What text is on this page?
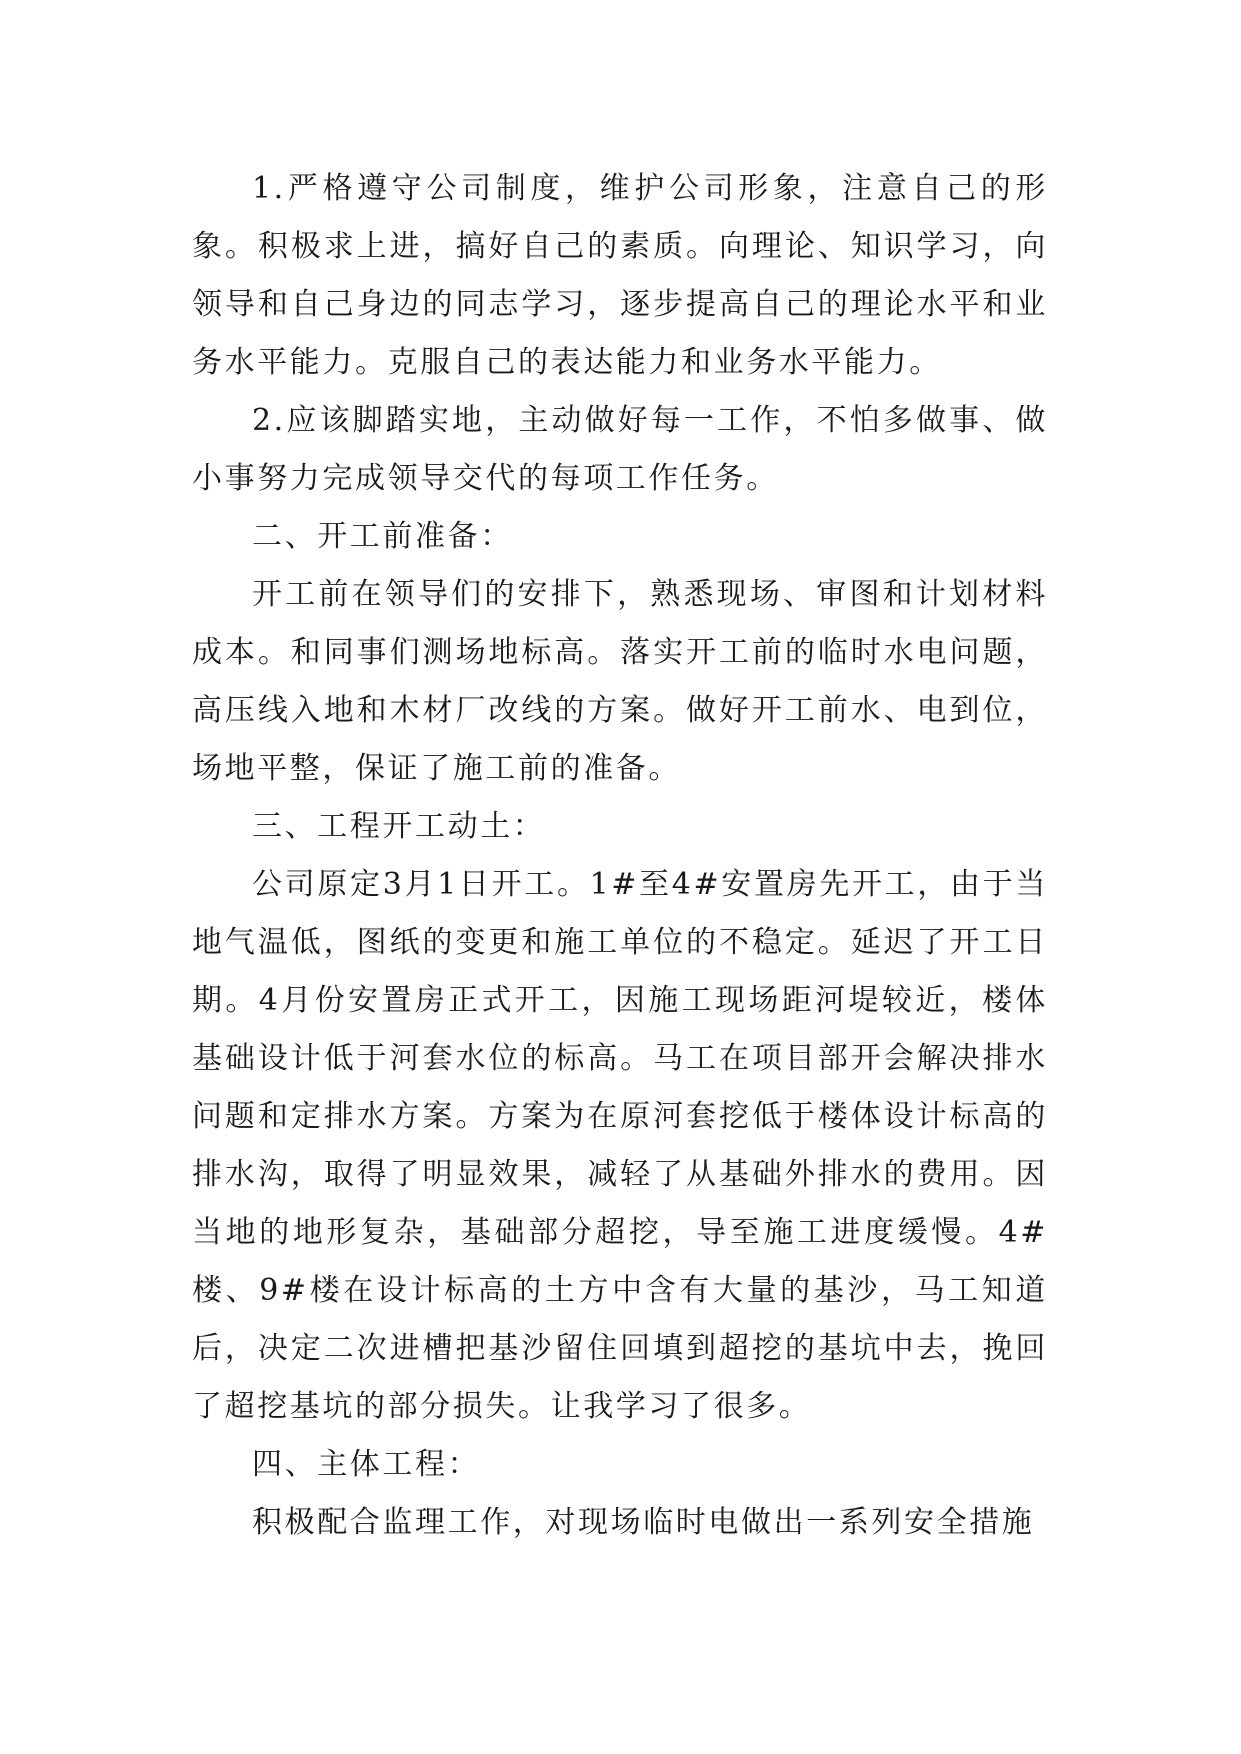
1.严格遵守公司制度，维护公司形象，注意自己的形象。积极求上进，搞好自己的素质。向理论、知识学习，向领导和自己身边的同志学习，逐步提高自己的理论水平和业务水平能力。克服自己的表达能力和业务水平能力。

2.应该脚踏实地，主动做好每一工作，不怕多做事、做小事努力完成领导交代的每项工作任务。

二、开工前准备：

开工前在领导们的安排下，熟悉现场、审图和计划材料成本。和同事们测场地标高。落实开工前的临时水电问题，高压线入地和木材厂改线的方案。做好开工前水、电到位，场地平整，保证了施工前的准备。

三、工程开工动土：

公司原定3月1日开工。1#至4#安置房先开工，由于当地气温低，图纸的变更和施工单位的不稳定。延迟了开工日期。4月份安置房正式开工，因施工现场距河堤较近，楼体基础设计低于河套水位的标高。马工在项目部开会解决排水问题和定排水方案。方案为在原河套挖低于楼体设计标高的排水沟，取得了明显效果，减轻了从基础外排水的费用。因当地的地形复杂，基础部分超挖，导至施工进度缓慢。4#楼、9#楼在设计标高的土方中含有大量的基沙，马工知道后，决定二次进槽把基沙留住回填到超挖的基坑中去，挽回了超挖基坑的部分损失。让我学习了很多。

四、主体工程：

积极配合监理工作，对现场临时电做出一系列安全措施
